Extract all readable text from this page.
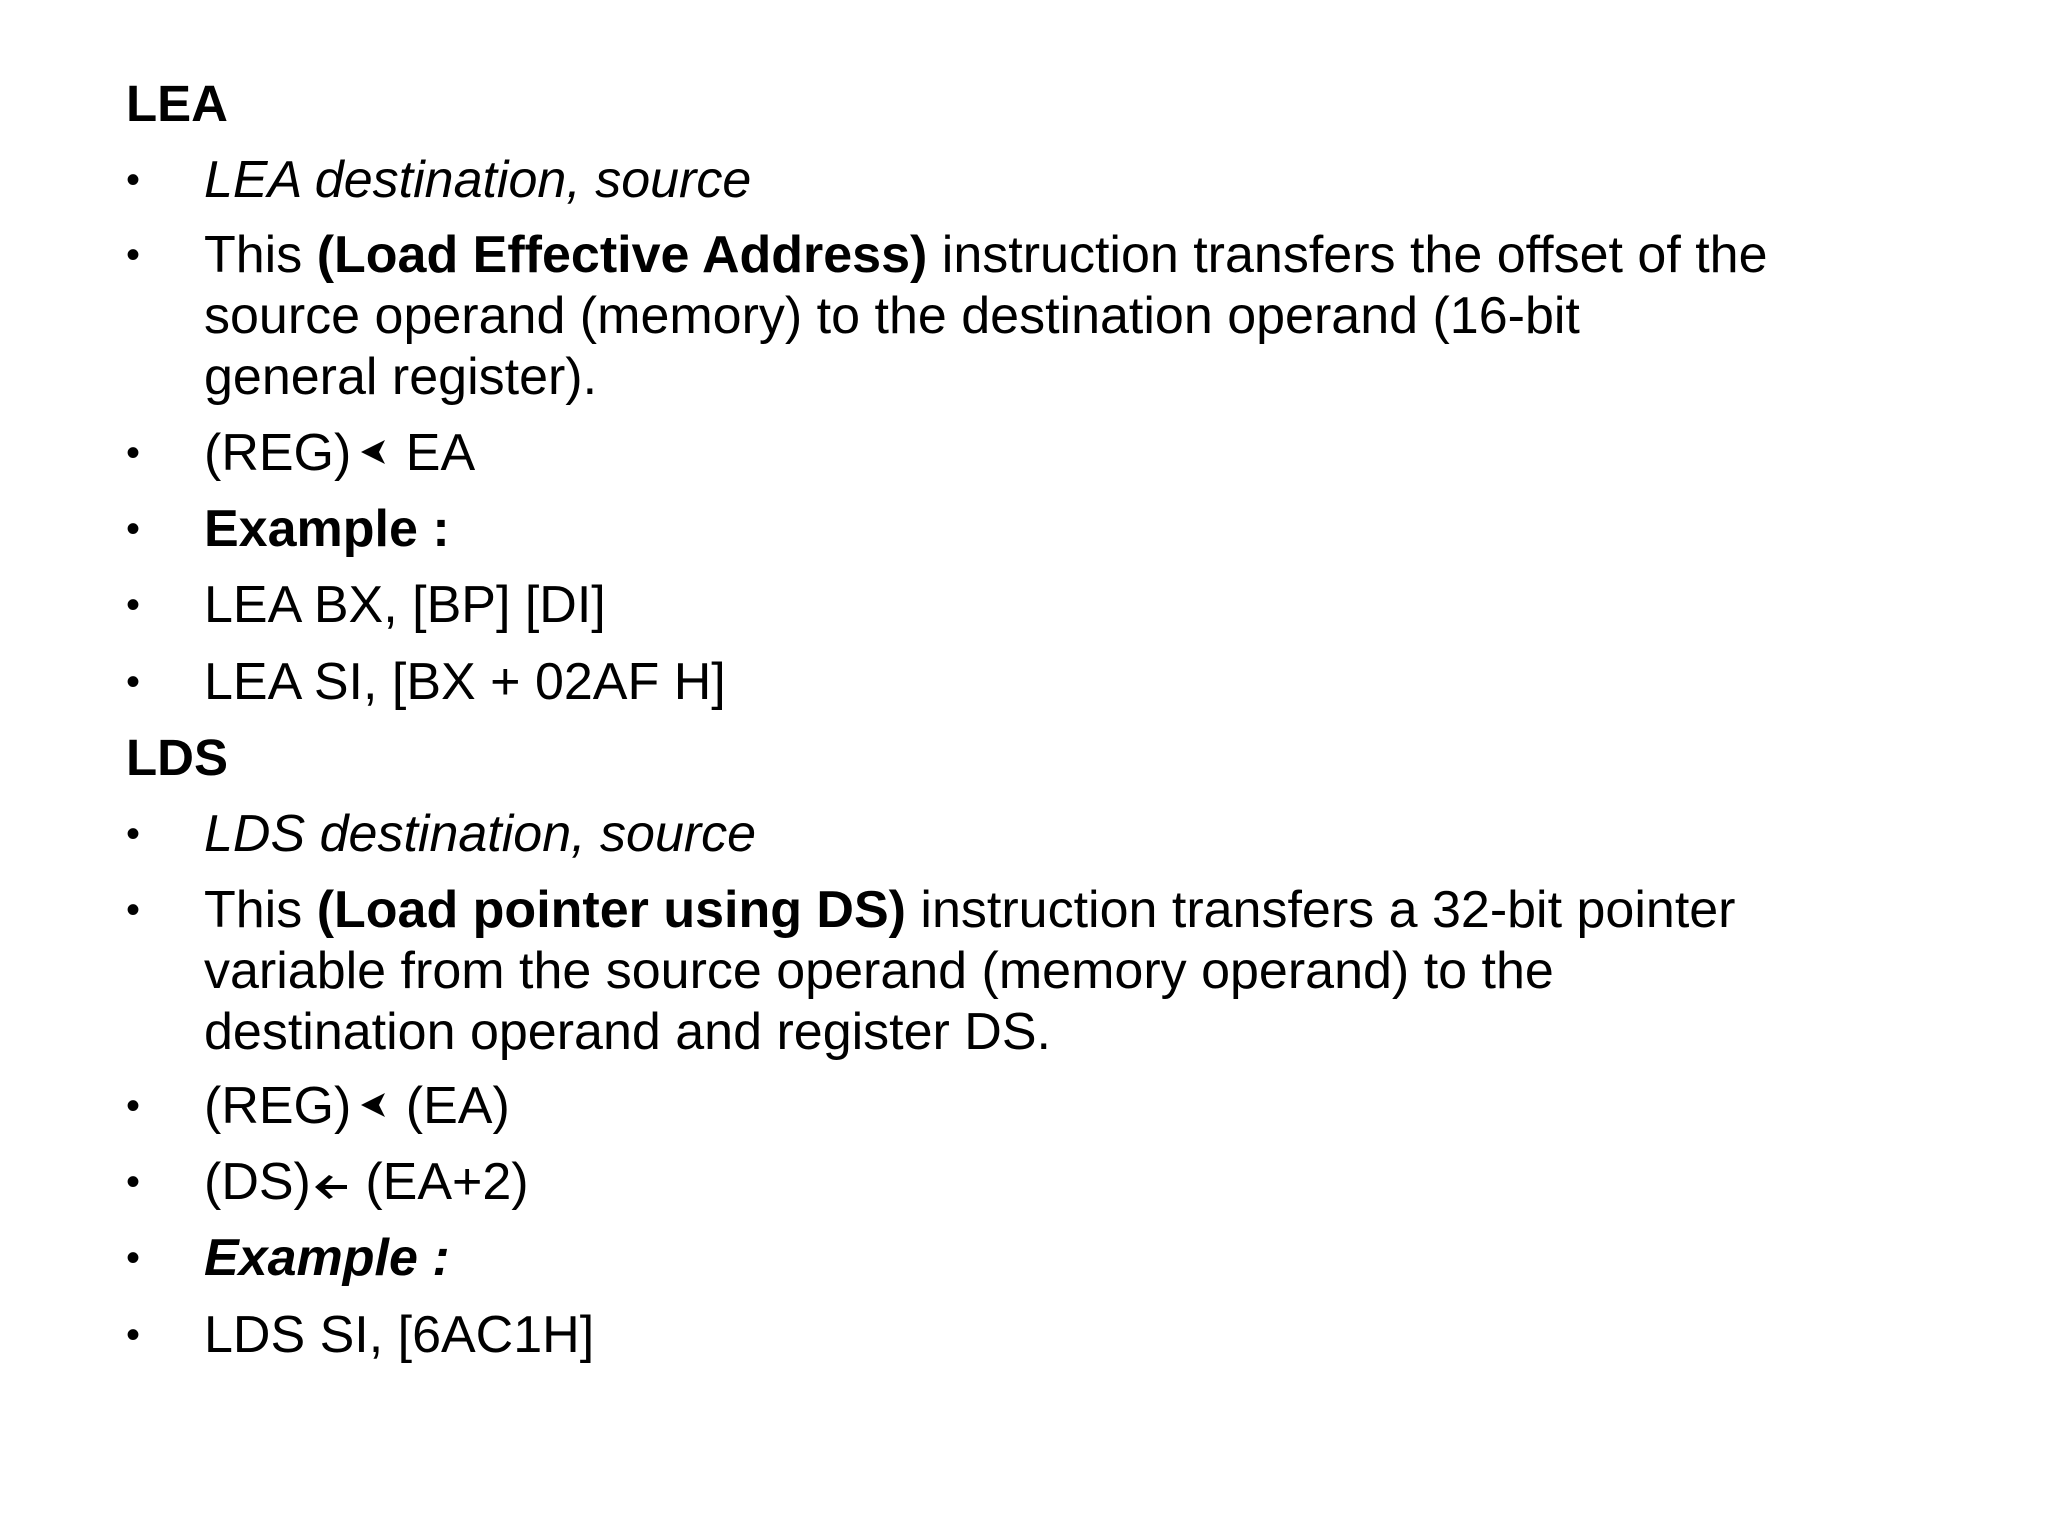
LEA
•	LEA destination, source
•	This (Load Effective Address) instruction transfers the offset of the
source operand (memory) to the destination operand (16-bit
general register).
•	(REG) EA
•	Example :
•	LEA BX, [BP] [DI]
•	LEA SI, [BX + 02AF H]
LDS
•	LDS destination, source
•	This (Load pointer using DS) instruction transfers a 32-bit pointer
variable from the source operand (memory operand) to the
destination operand and register DS.
•	(REG) (EA)
•	(DS) (EA+2)
•	Example :
•	LDS SI, [6AC1H]
